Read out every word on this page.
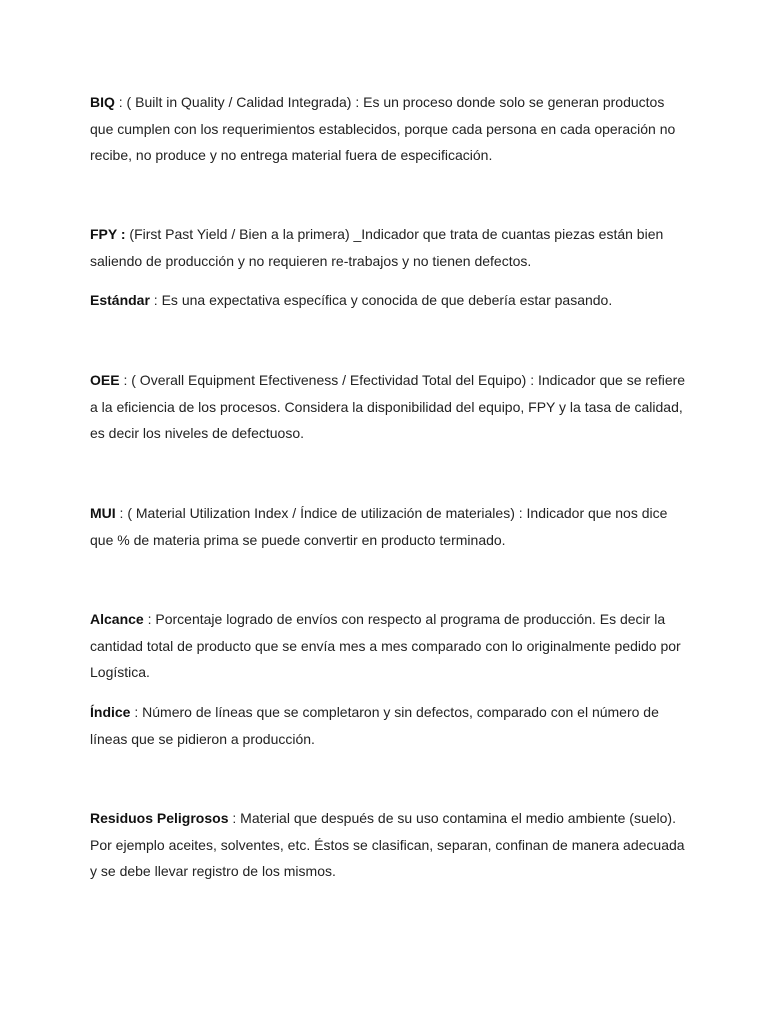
BIQ : ( Built in Quality / Calidad Integrada) : Es un proceso donde solo se generan productos que cumplen con los requerimientos establecidos, porque cada persona en cada operación no recibe, no produce y no entrega material fuera de especificación.

FPY : (First Past Yield / Bien a la primera) _Indicador que trata de cuantas piezas están bien saliendo de producción y no requieren re-trabajos y no tienen defectos.

Estándar : Es una expectativa específica y conocida de que debería estar pasando.

OEE : ( Overall Equipment Efectiveness / Efectividad Total del Equipo) : Indicador que se refiere a la eficiencia de los procesos. Considera la disponibilidad del equipo, FPY y la tasa de calidad, es decir los niveles de defectuoso.

MUI : ( Material Utilization Index / Índice de utilización de materiales) : Indicador que nos dice que % de materia prima se puede convertir en producto terminado.

Alcance : Porcentaje logrado de envíos con respecto al programa de producción. Es decir la cantidad total de producto que se envía mes a mes comparado con lo originalmente pedido por Logística.

Índice : Número de líneas que se completaron y sin defectos, comparado con el número de líneas que se pidieron a producción.

Residuos Peligrosos : Material que después de su uso contamina el medio ambiente (suelo). Por ejemplo aceites, solventes, etc. Éstos se clasifican, separan, confinan de manera adecuada y se debe llevar registro de los mismos.
